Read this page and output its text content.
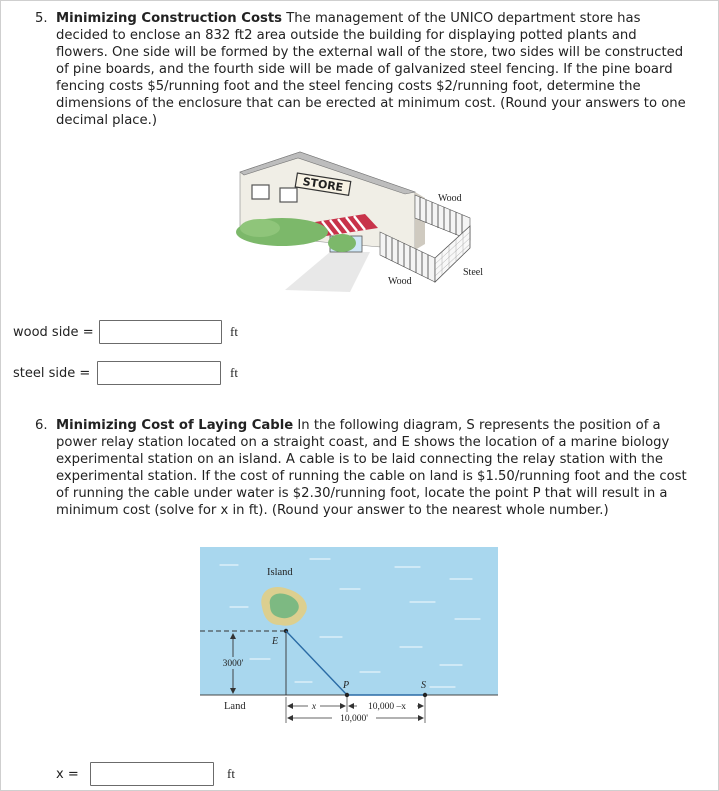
5. Minimizing Construction Costs The management of the UNICO department store has decided to enclose an 832 ft2 area outside the building for displaying potted plants and flowers. One side will be formed by the external wall of the store, two sides will be constructed of pine boards, and the fourth side will be made of galvanized steel fencing. If the pine board fencing costs $5/running foot and the steel fencing costs $2/running foot, determine the dimensions of the enclosure that can be erected at minimum cost. (Round your answers to one decimal place.)
STORE
Wood
Wood
Steel
wood side =	ft
steel side =	ft
6. Minimizing Cost of Laying Cable In the following diagram, S represents the position of a power relay station located on a straight coast, and E shows the location of a marine biology experimental station on an island. A cable is to be laid connecting the relay station with the experimental station. If the cost of running the cable on land is $1.50/running foot and the cost of running the cable under water is $2.30/running foot, locate the point P that will result in a minimum cost (solve for x in ft). (Round your answer to the nearest whole number.)
Island
E
3000'
P	S
Land	x	10,000 –x
10,000'
x =	ft
